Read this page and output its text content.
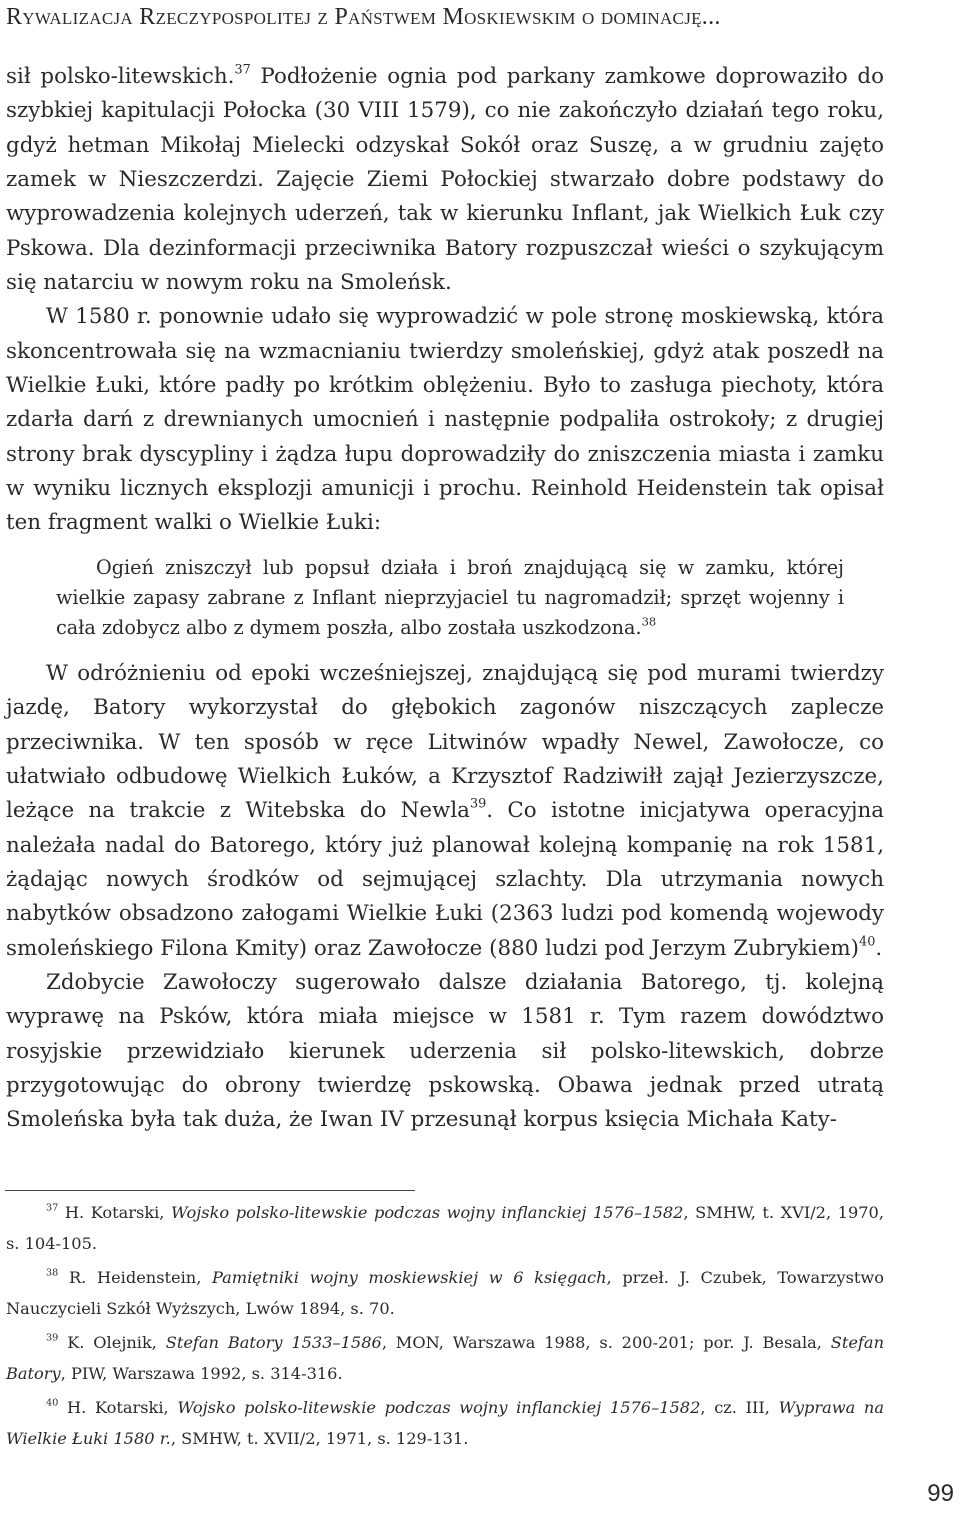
Rywalizacja Rzeczypospolitej z Państwem Moskiewskim o dominację...

sił polsko-litewskich.$^{37}$ Podłożenie ognia pod parkany zamkowe doprowaziło do szybkiej kapitulacji Połocka (30 VIII 1579), co nie zakończyło działań tego roku, gdyż hetman Mikołaj Mielecki odzyskał Sokół oraz Suszę, a w grudniu zajęto zamek w Nieszczerdzi. Zajęcie Ziemi Połockiej stwarzało dobre podstawy do wyprowadzenia kolejnych uderzeń, tak w kierunku Inflant, jak Wielkich Łuk czy Pskowa. Dla dezinformacji przeciwnika Batory rozpuszczał wieści o szykującym się natarciu w nowym roku na Smoleńsk.

W 1580 r. ponownie udało się wyprowadzić w pole stronę moskiewską, która skoncentrowała się na wzmacnianiu twierdzy smoleńskiej, gdyż atak poszedł na Wielkie Łuki, które padły po krótkim oblężeniu. Było to zasługa piechoty, która zdarła darń z drewnianych umocnień i następnie podpaliła ostrokoły; z drugiej strony brak dyscypliny i żądza łupu doprowadziły do zniszczenia miasta i zamku w wyniku licznych eksplozji amunicji i prochu. Reinhold Heidenstein tak opisał ten fragment walki o Wielkie Łuki:

Ogień zniszczył lub popsuł działa i broń znajdującą się w zamku, której wielkie zapasy zabrane z Inflant nieprzyjaciel tu nagromadził; sprzęt wojenny i cała zdobycz albo z dymem poszła, albo została uszkodzona.$^{38}$

W odróżnieniu od epoki wcześniejszej, znajdującą się pod murami twierdzy jazdę, Batory wykorzystał do głębokich zagonów niszczących zaplecze przeciwnika. W ten sposób w ręce Litwinów wpadły Newel, Zawołocze, co ułatwiało odbudowę Wielkich Łuków, a Krzysztof Radziwiłł zajął Jezierzyszcze, leżące na trakcie z Witebska do Newla$^{39}$. Co istotne inicjatywa operacyjna należała nadal do Batorego, który już planował kolejną kompanię na rok 1581, żądając nowych środków od sejmującej szlachty. Dla utrzymania nowych nabytków obsadzono załogami Wielkie Łuki (2363 ludzi pod komendą wojewody smoleńskiego Filona Kmity) oraz Zawołocze (880 ludzi pod Jerzym Zubrykiem)$^{40}$.

Zdobycie Zawołoczy sugerowało dalsze działania Batorego, tj. kolejną wyprawę na Psków, która miała miejsce w 1581 r. Tym razem dowództwo rosyjskie przewidziało kierunek uderzenia sił polsko-litewskich, dobrze przygotowując do obrony twierdzę pskowską. Obawa jednak przed utratą Smoleńska była tak duża, że Iwan IV przesunął korpus księcia Michała Katy-

$^{37}$ H. Kotarski, Wojsko polsko-litewskie podczas wojny inflanckiej 1576–1582, SMHW, t. XVI/2, 1970, s. 104-105.

$^{38}$ R. Heidenstein, Pamiętniki wojny moskiewskiej w 6 księgach, przeł. J. Czubek, Towarzystwo Nauczycieli Szkół Wyższych, Lwów 1894, s. 70.

$^{39}$ K. Olejnik, Stefan Batory 1533–1586, MON, Warszawa 1988, s. 200-201; por. J. Besala, Stefan Batory, PIW, Warszawa 1992, s. 314-316.

$^{40}$ H. Kotarski, Wojsko polsko-litewskie podczas wojny inflanckiej 1576–1582, cz. III, Wyprawa na Wielkie Łuki 1580 r., SMHW, t. XVII/2, 1971, s. 129-131.

99
